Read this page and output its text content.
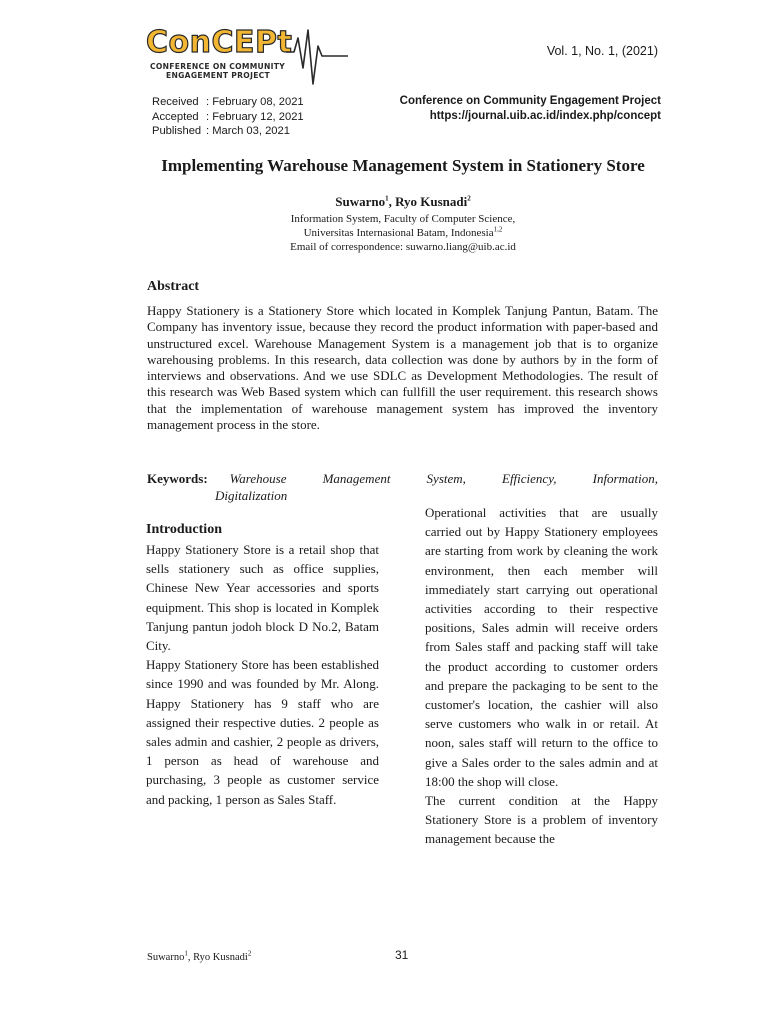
ConCEPt
CONFERENCE ON COMMUNITY
ENGAGEMENT PROJECT
Vol. 1, No. 1, (2021)
Received : February 08, 2021
Accepted : February 12, 2021
Published : March 03, 2021
Conference on Community Engagement Project
https://journal.uib.ac.id/index.php/concept
Implementing Warehouse Management System in Stationery Store
Suwarno$^1$, Ryo Kusnadi$^2$
Information System, Faculty of Computer Science,
Universitas Internasional Batam, Indonesia$^{1,2}$
Email of correspondence: suwarno.liang@uib.ac.id
Abstract
Happy Stationery is a Stationery Store which located in Komplek Tanjung Pantun, Batam. The Company has inventory issue, because they record the product information with paper-based and unstructured excel. Warehouse Management System is a management job that is to organize warehousing problems. In this research, data collection was done by authors by in the form of interviews and observations. And we use SDLC as Development Methodologies. The result of this research was Web Based system which can fullfill the user requirement. this research shows that the implementation of warehouse management system has improved the inventory management process in the store.
Keywords: Warehouse	Management	System,	Efficiency,	Information,
Digitalization
Introduction

Happy Stationery Store is a retail shop that sells stationery such as office supplies, Chinese New Year accessories and sports equipment. This shop is located in Komplek Tanjung pantun jodoh block D No.2, Batam City.

Happy Stationery Store has been established since 1990 and was founded by Mr. Along. Happy Stationery has 9 staff who are assigned their respective duties. 2 people as sales admin and cashier, 2 people as drivers, 1 person as head of warehouse and purchasing, 3 people as customer service and packing, 1 person as Sales Staff.

Operational activities that are usually carried out by Happy Stationery employees are starting from work by cleaning the work environment, then each member will immediately start carrying out operational activities according to their respective positions, Sales admin will receive orders from Sales staff and packing staff will take the product according to customer orders and prepare the packaging to be sent to the customer's location, the cashier will also serve customers who walk in or retail. At noon, sales staff will return to the office to give a Sales order to the sales admin and at 18:00 the shop will close.

The current condition at the Happy Stationery Store is a problem of inventory management because the

Suwarno$^1$, Ryo Kusnadi$^2$	31
